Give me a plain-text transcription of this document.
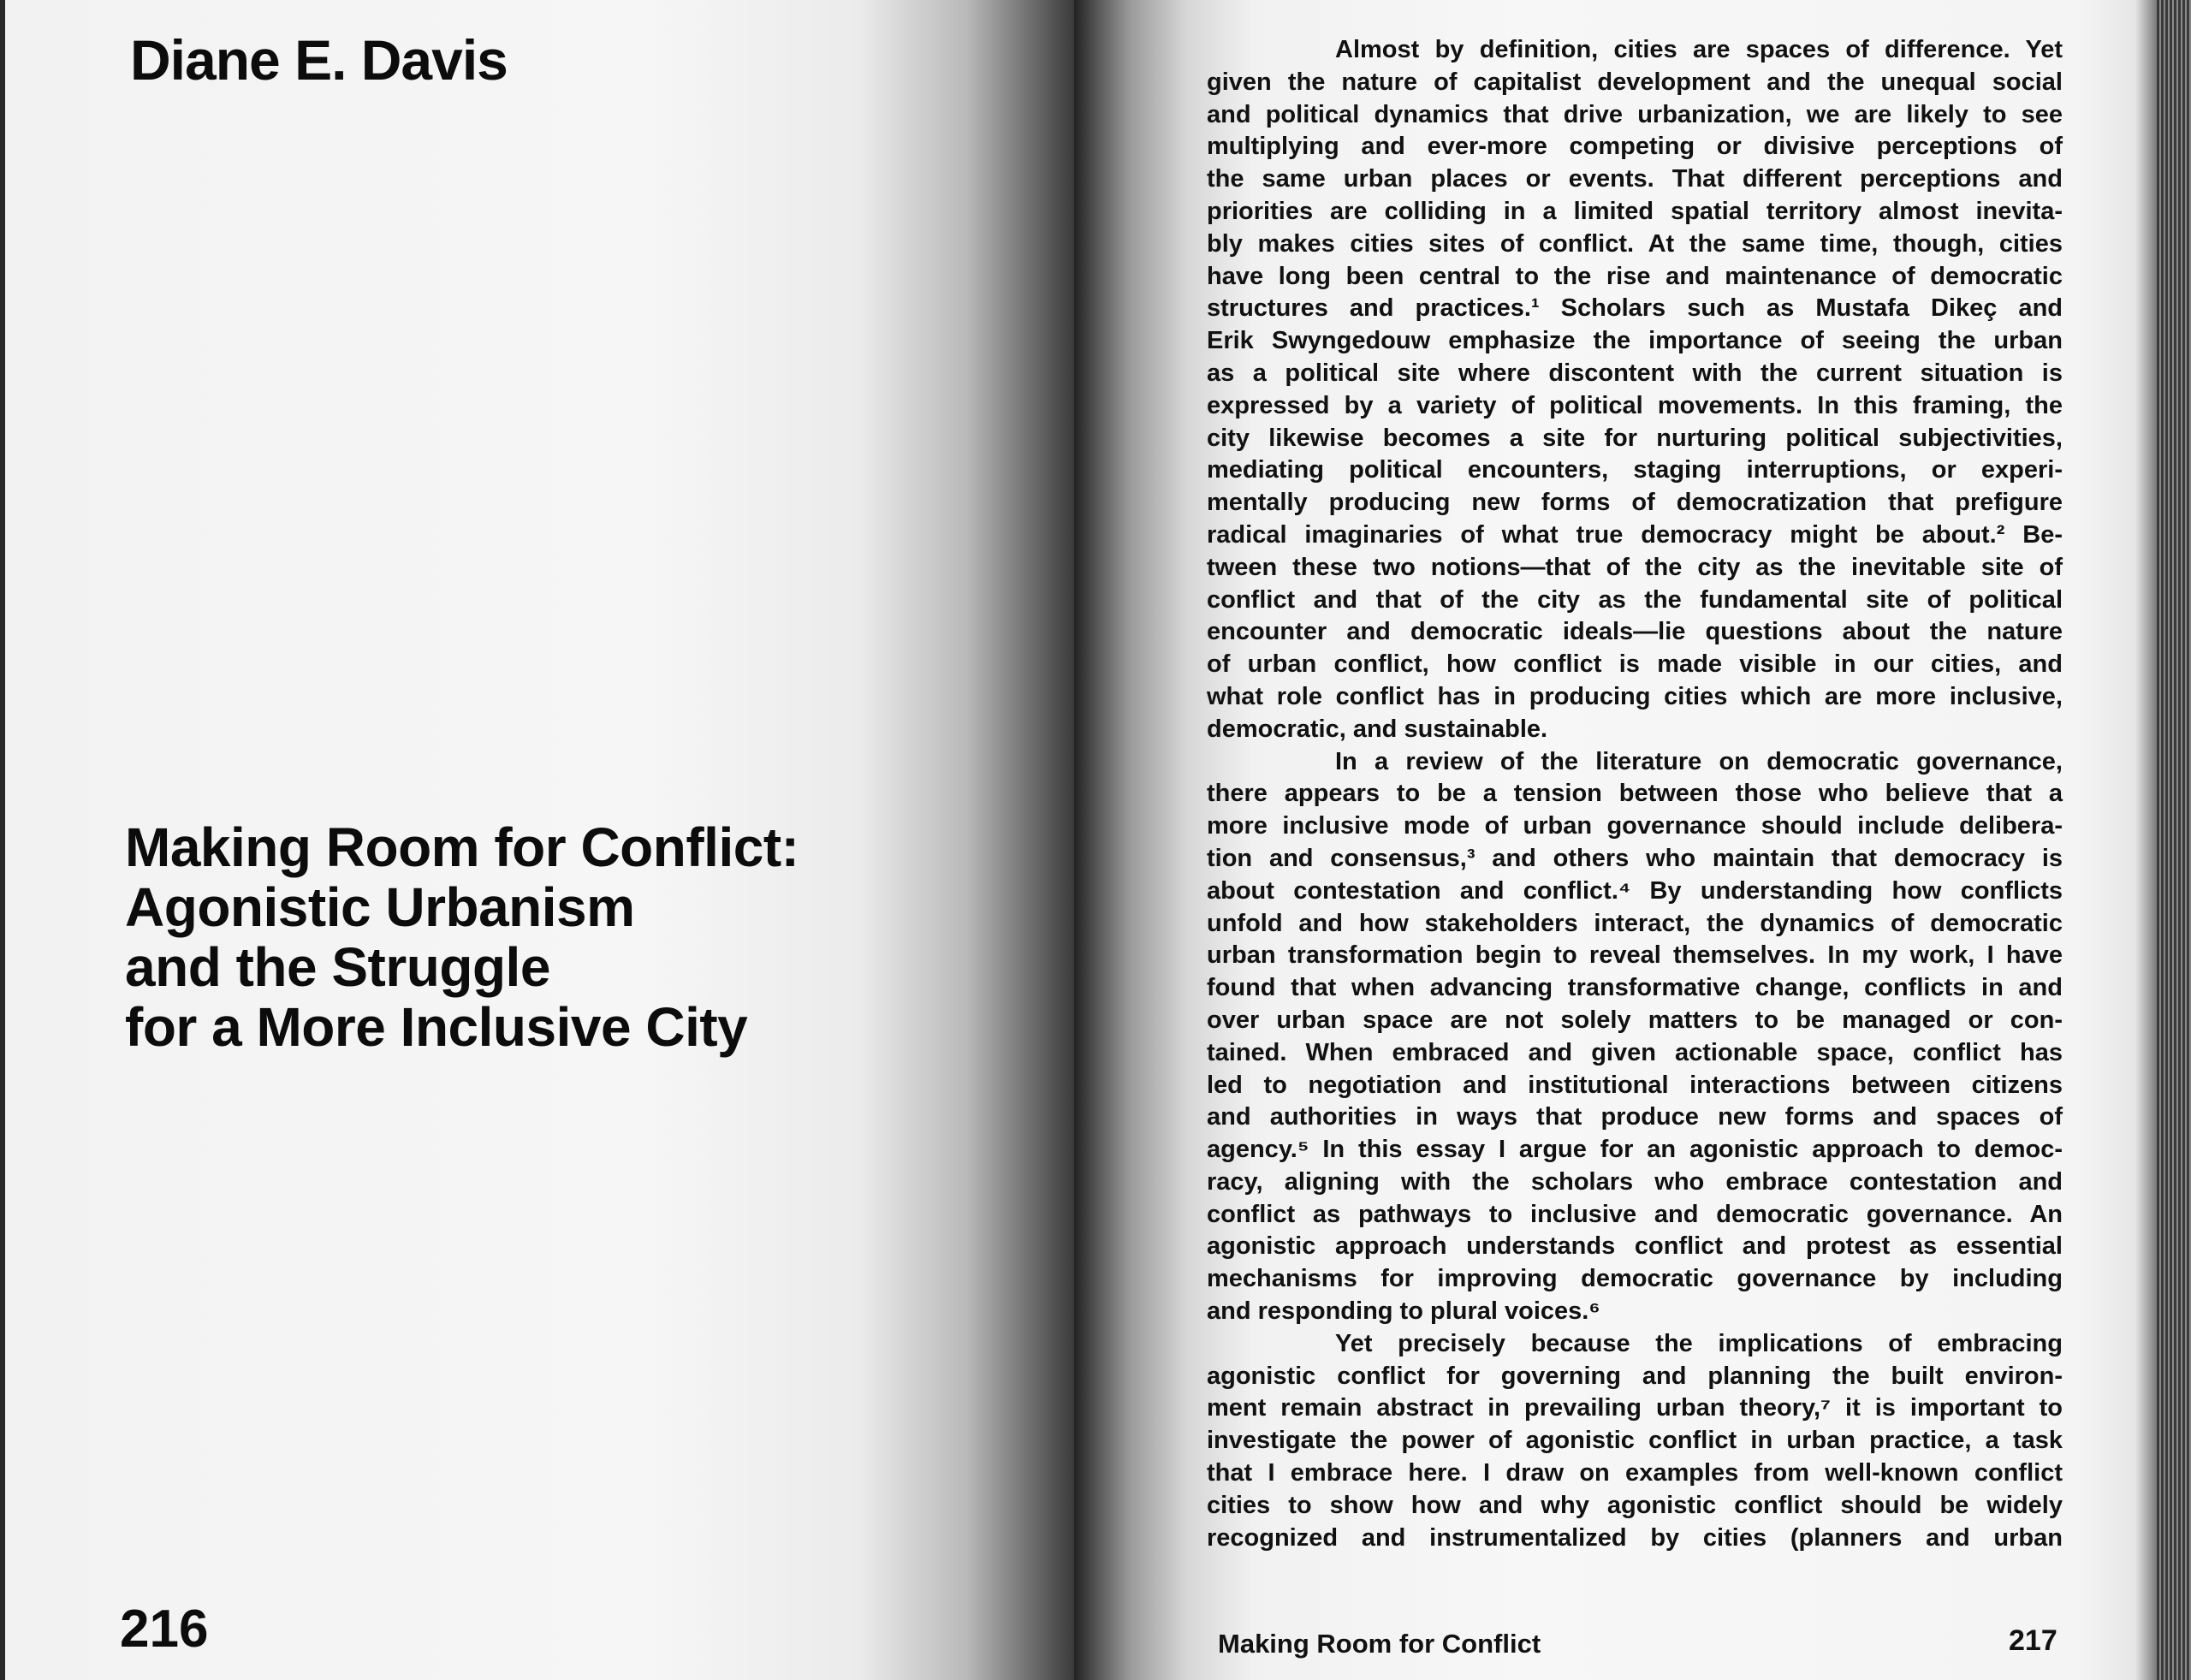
Diane E. Davis
Making Room for Conflict:
Agonistic Urbanism
and the Struggle
for a More Inclusive City
216
Almost by definition, cities are spaces of difference. Yet
given the nature of capitalist development and the unequal social
and political dynamics that drive urbanization, we are likely to see
multiplying and ever-more competing or divisive perceptions of
the same urban places or events. That different perceptions and
priorities are colliding in a limited spatial territory almost inevita-
bly makes cities sites of conflict. At the same time, though, cities
have long been central to the rise and maintenance of democratic
structures and practices.¹ Scholars such as Mustafa Dikeç and
Erik Swyngedouw emphasize the importance of seeing the urban
as a political site where discontent with the current situation is
expressed by a variety of political movements. In this framing, the
city likewise becomes a site for nurturing political subjectivities,
mediating political encounters, staging interruptions, or experi-
mentally producing new forms of democratization that prefigure
radical imaginaries of what true democracy might be about.² Be-
tween these two notions—that of the city as the inevitable site of
conflict and that of the city as the fundamental site of political
encounter and democratic ideals—lie questions about the nature
of urban conflict, how conflict is made visible in our cities, and
what role conflict has in producing cities which are more inclusive,
democratic, and sustainable.
In a review of the literature on democratic governance,
there appears to be a tension between those who believe that a
more inclusive mode of urban governance should include delibera-
tion and consensus,³ and others who maintain that democracy is
about contestation and conflict.⁴ By understanding how conflicts
unfold and how stakeholders interact, the dynamics of democratic
urban transformation begin to reveal themselves. In my work, I have
found that when advancing transformative change, conflicts in and
over urban space are not solely matters to be managed or con-
tained. When embraced and given actionable space, conflict has
led to negotiation and institutional interactions between citizens
and authorities in ways that produce new forms and spaces of
agency.⁵ In this essay I argue for an agonistic approach to democ-
racy, aligning with the scholars who embrace contestation and
conflict as pathways to inclusive and democratic governance. An
agonistic approach understands conflict and protest as essential
mechanisms for improving democratic governance by including
and responding to plural voices.⁶
Yet precisely because the implications of embracing
agonistic conflict for governing and planning the built environ-
ment remain abstract in prevailing urban theory,⁷ it is important to
investigate the power of agonistic conflict in urban practice, a task
that I embrace here. I draw on examples from well-known conflict
cities to show how and why agonistic conflict should be widely
recognized and instrumentalized by cities (planners and urban
Making Room for Conflict	217
